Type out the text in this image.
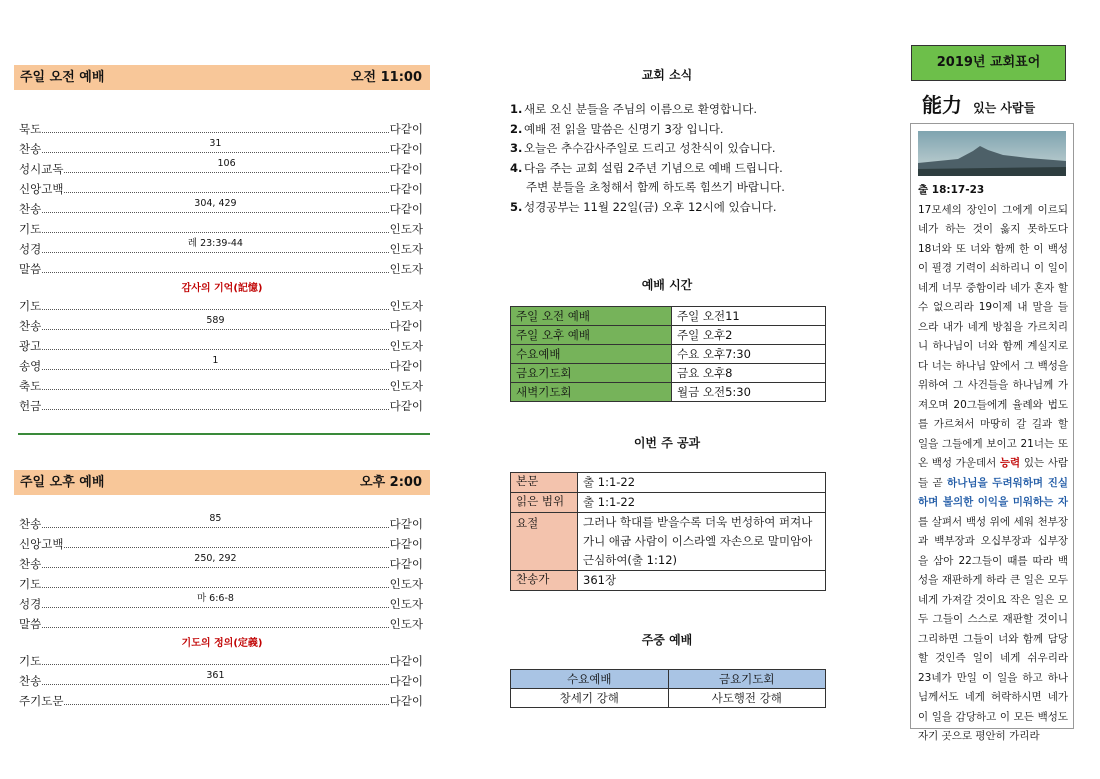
주일 오전 예배	오전 11:00
묵도	다같이
찬송	31	다같이
성시교독	106	다같이
신앙고백	다같이
찬송	304, 429	다같이
기도	인도자
성경	레 23:39-44	인도자
말씀	인도자
감사의 기억(記憶)
기도	인도자
찬송	589	다같이
광고	인도자
송영	1	다같이
축도	인도자
헌금	다같이
주일 오후 예배	오후 2:00
찬송	85	다같이
신앙고백	다같이
찬송	250, 292	다같이
기도	인도자
성경	마 6:6-8	인도자
말씀	인도자
기도의 정의(定義)
기도	다같이
찬송	361	다같이
주기도문	다같이
교회 소식
1. 새로 오신 분들을 주님의 이름으로 환영합니다.
2. 예배 전 읽을 말씀은 신명기 3장 입니다.
3. 오늘은 추수감사주일로 드리고 성찬식이 있습니다.
4. 다음 주는 교회 설립 2주년 기념으로 예배 드립니다.
주변 분들을 초청해서 함께 하도록 힘쓰기 바랍니다.
5. 성경공부는 11월 22일(금) 오후 12시에 있습니다.
예배 시간
주일 오전 예배	주일 오전11
주일 오후 예배	주일 오후2
수요예배	수요 오후7:30
금요기도회	금요 오후8
새벽기도회	월금 오전5:30
이번 주 공과
본문	출 1:1-22
읽은 범위	출 1:1-22
요절	그러나 학대를 받을수록 더욱 번성하여 퍼져나 가니 애굽 사람이 이스라엘 자손으로 말미암아 근심하여(출 1:12)
찬송가	361장
주중 예배
수요예배	금요기도회
창세기 강해	사도행전 강해
2019년 교회표어
能力 있는 사람들
출 18:17-23
17모세의 장인이 그에게 이르되 네가 하는 것이 옳지 못하도다 18너와 또 너와 함께 한 이 백성이 필경 기력이 쇠하리니 이 일이 네게 너무 중함이라 네가 혼자 할 수 없으리라 19이제 내 말을 들으라 내가 네게 방침을 가르치리니 하나님이 너와 함께 계실지로다 너는 하나님 앞에서 그 백성을 위하여 그 사건들을 하나님께 가져오며 20그들에게 율례와 법도를 가르쳐서 마땅히 갈 길과 할 일을 그들에게 보이고 21너는 또 온 백성 가운데서 능력 있는 사람들 곧 하나님을 두려워하며 진실하며 불의한 이익을 미워하는 자를 살펴서 백성 위에 세워 천부장과 백부장과 오십부장과 십부장을 삼아 22그들이 때를 따라 백성을 재판하게 하라 큰 일은 모두 네게 가져갈 것이요 작은 일은 모두 그들이 스스로 재판할 것이니 그리하면 그들이 너와 함께 담당할 것인즉 일이 네게 쉬우리라 23네가 만일 이 일을 하고 하나님께서도 네게 허락하시면 네가 이 일을 감당하고 이 모든 백성도 자기 곳으로 평안히 가리라
